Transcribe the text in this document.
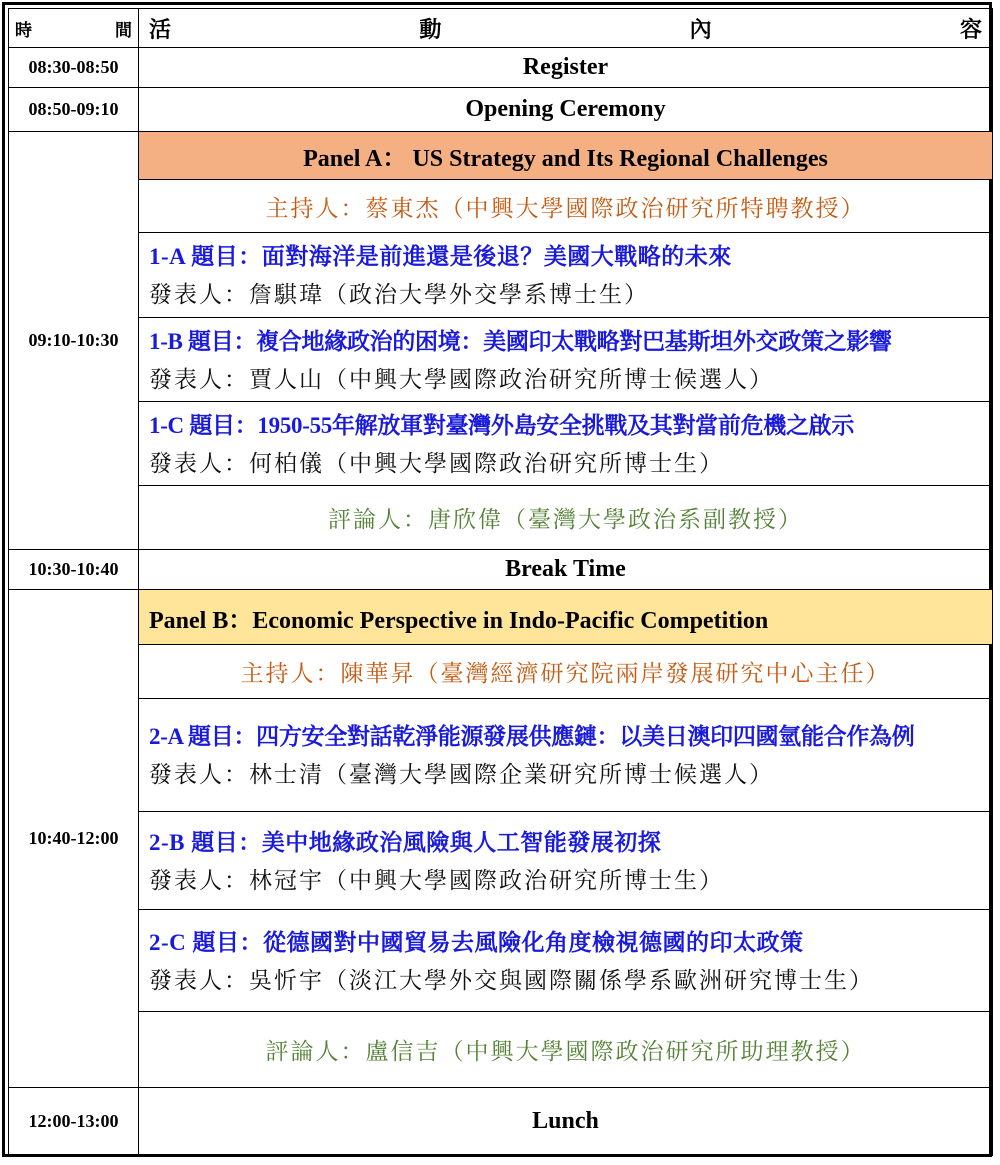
時 間	活 動 內 容

08:30-08:50	Register
08:50-09:10	Opening Ceremony
09:10-10:30	Panel A： US Strategy and Its Regional Challenges
	主持人：蔡東杰（中興大學國際政治研究所特聘教授）

	1-A 題目：面對海洋是前進還是後退？美國大戰略的未來
發表人：詹騏瑋（政治大學外交學系博士生）

	1-B 題目：複合地緣政治的困境：美國印太戰略對巴基斯坦外交政策之影響
發表人：賈人山（中興大學國際政治研究所博士候選人）

	1-C 題目：1950-55年解放軍對臺灣外島安全挑戰及其對當前危機之啟示
發表人：何柏儀（中興大學國際政治研究所博士生）

	評論人：唐欣偉（臺灣大學政治系副教授）
10:30-10:40	Break Time
10:40-12:00	Panel B：Economic Perspective in Indo-Pacific Competition
	主持人：陳華昇（臺灣經濟研究院兩岸發展研究中心主任）

	2-A 題目：四方安全對話乾淨能源發展供應鏈：以美日澳印四國氫能合作為例
發表人：林士清（臺灣大學國際企業研究所博士候選人）

	2-B 題目：美中地緣政治風險與人工智能發展初探
發表人：林冠宇（中興大學國際政治研究所博士生）

	2-C 題目：從德國對中國貿易去風險化角度檢視德國的印太政策
發表人：吳忻宇（淡江大學外交與國際關係學系歐洲研究博士生）

	評論人：盧信吉（中興大學國際政治研究所助理教授）
12:00-13:00	Lunch
